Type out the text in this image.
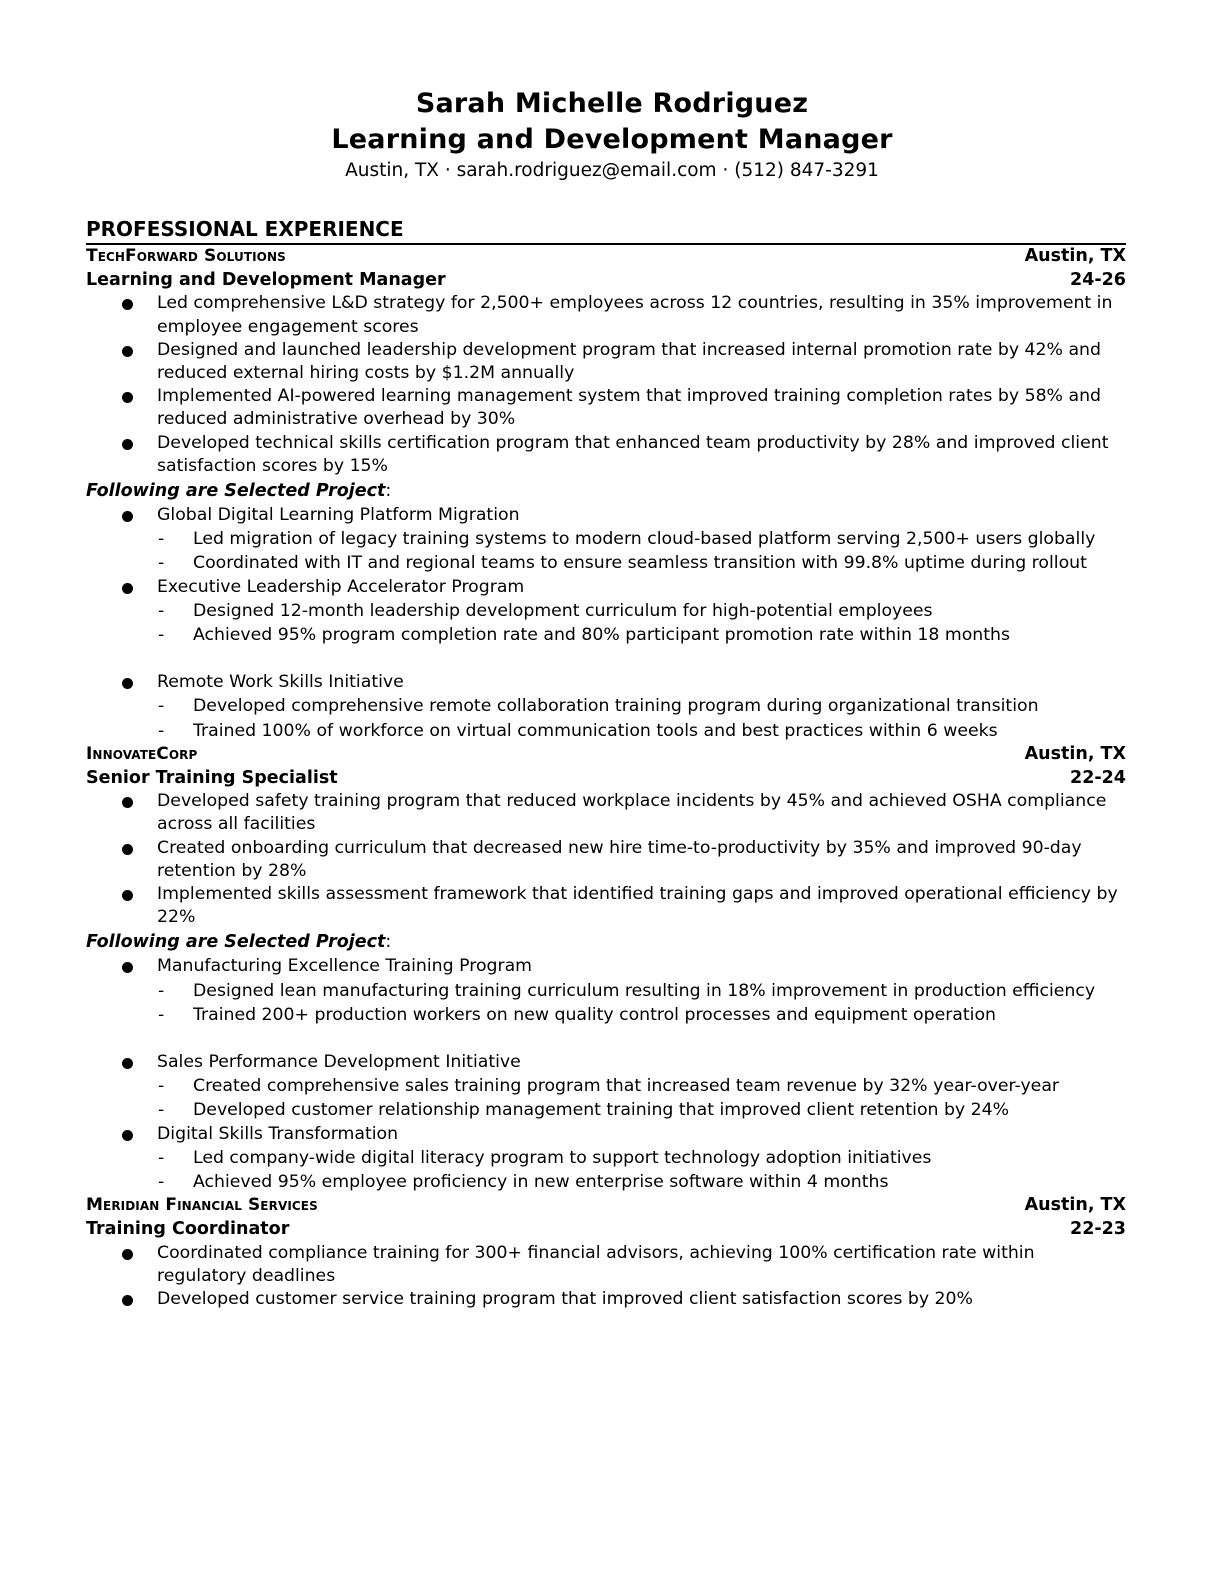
Sarah Michelle Rodriguez
Learning and Development Manager
Austin, TX · sarah.rodriguez@email.com · (512) 847-3291
PROFESSIONAL EXPERIENCE
TechForward Solutions	Austin, TX
Learning and Development Manager	24-26
Led comprehensive L&D strategy for 2,500+ employees across 12 countries, resulting in 35% improvement in employee engagement scores
Designed and launched leadership development program that increased internal promotion rate by 42% and reduced external hiring costs by $1.2M annually
Implemented AI-powered learning management system that improved training completion rates by 58% and reduced administrative overhead by 30%
Developed technical skills certification program that enhanced team productivity by 28% and improved client satisfaction scores by 15%
Following are Selected Project:
Global Digital Learning Platform Migration
- Led migration of legacy training systems to modern cloud-based platform serving 2,500+ users globally
- Coordinated with IT and regional teams to ensure seamless transition with 99.8% uptime during rollout
Executive Leadership Accelerator Program
- Designed 12-month leadership development curriculum for high-potential employees
- Achieved 95% program completion rate and 80% participant promotion rate within 18 months
Remote Work Skills Initiative
- Developed comprehensive remote collaboration training program during organizational transition
- Trained 100% of workforce on virtual communication tools and best practices within 6 weeks
InnovateCorp	Austin, TX
Senior Training Specialist	22-24
Developed safety training program that reduced workplace incidents by 45% and achieved OSHA compliance across all facilities
Created onboarding curriculum that decreased new hire time-to-productivity by 35% and improved 90-day retention by 28%
Implemented skills assessment framework that identified training gaps and improved operational efficiency by 22%
Following are Selected Project:
Manufacturing Excellence Training Program
- Designed lean manufacturing training curriculum resulting in 18% improvement in production efficiency
- Trained 200+ production workers on new quality control processes and equipment operation
Sales Performance Development Initiative
- Created comprehensive sales training program that increased team revenue by 32% year-over-year
- Developed customer relationship management training that improved client retention by 24%
Digital Skills Transformation
- Led company-wide digital literacy program to support technology adoption initiatives
- Achieved 95% employee proficiency in new enterprise software within 4 months
Meridian Financial Services	Austin, TX
Training Coordinator	22-23
Coordinated compliance training for 300+ financial advisors, achieving 100% certification rate within regulatory deadlines
Developed customer service training program that improved client satisfaction scores by 20%
